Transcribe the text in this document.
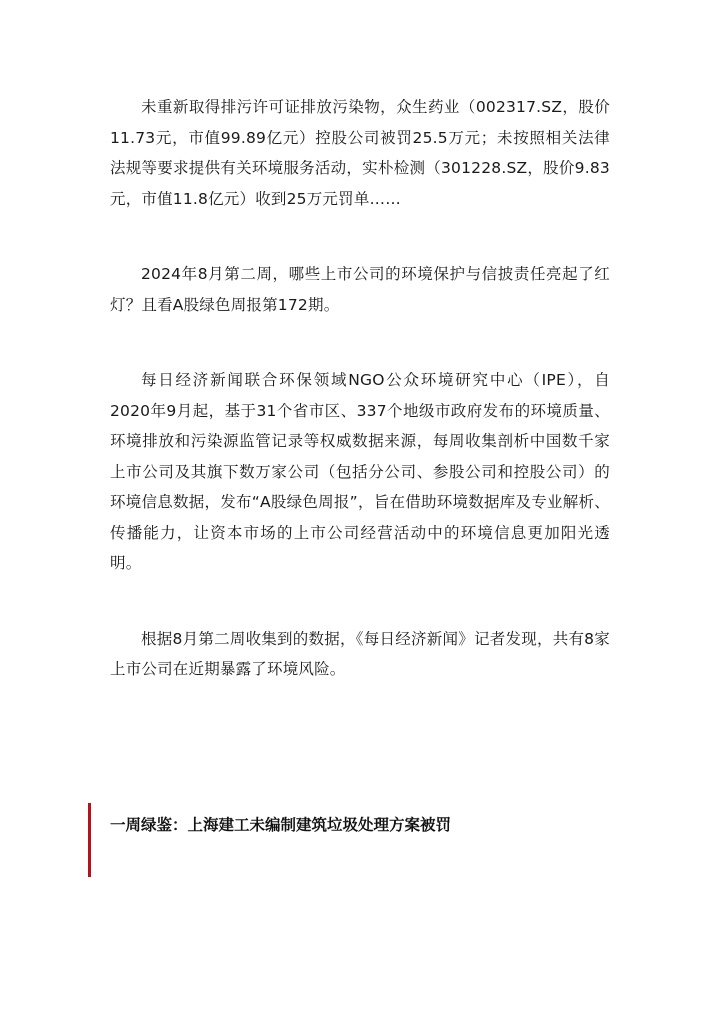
未重新取得排污许可证排放污染物，众生药业（002317.SZ，股价11.73元，市值99.89亿元）控股公司被罚25.5万元；未按照相关法律法规等要求提供有关环境服务活动，实朴检测（301228.SZ，股价9.83元，市值11.8亿元）收到25万元罚单……

2024年8月第二周，哪些上市公司的环境保护与信披责任亮起了红灯？且看A股绿色周报第172期。

每日经济新闻联合环保领域NGO公众环境研究中心（IPE），自2020年9月起，基于31个省市区、337个地级市政府发布的环境质量、环境排放和污染源监管记录等权威数据来源，每周收集剖析中国数千家上市公司及其旗下数万家公司（包括分公司、参股公司和控股公司）的环境信息数据，发布“A股绿色周报”，旨在借助环境数据库及专业解析、传播能力，让资本市场的上市公司经营活动中的环境信息更加阳光透明。

根据8月第二周收集到的数据，《每日经济新闻》记者发现，共有8家上市公司在近期暴露了环境风险。

一周绿鉴：上海建工未编制建筑垃圾处理方案被罚
